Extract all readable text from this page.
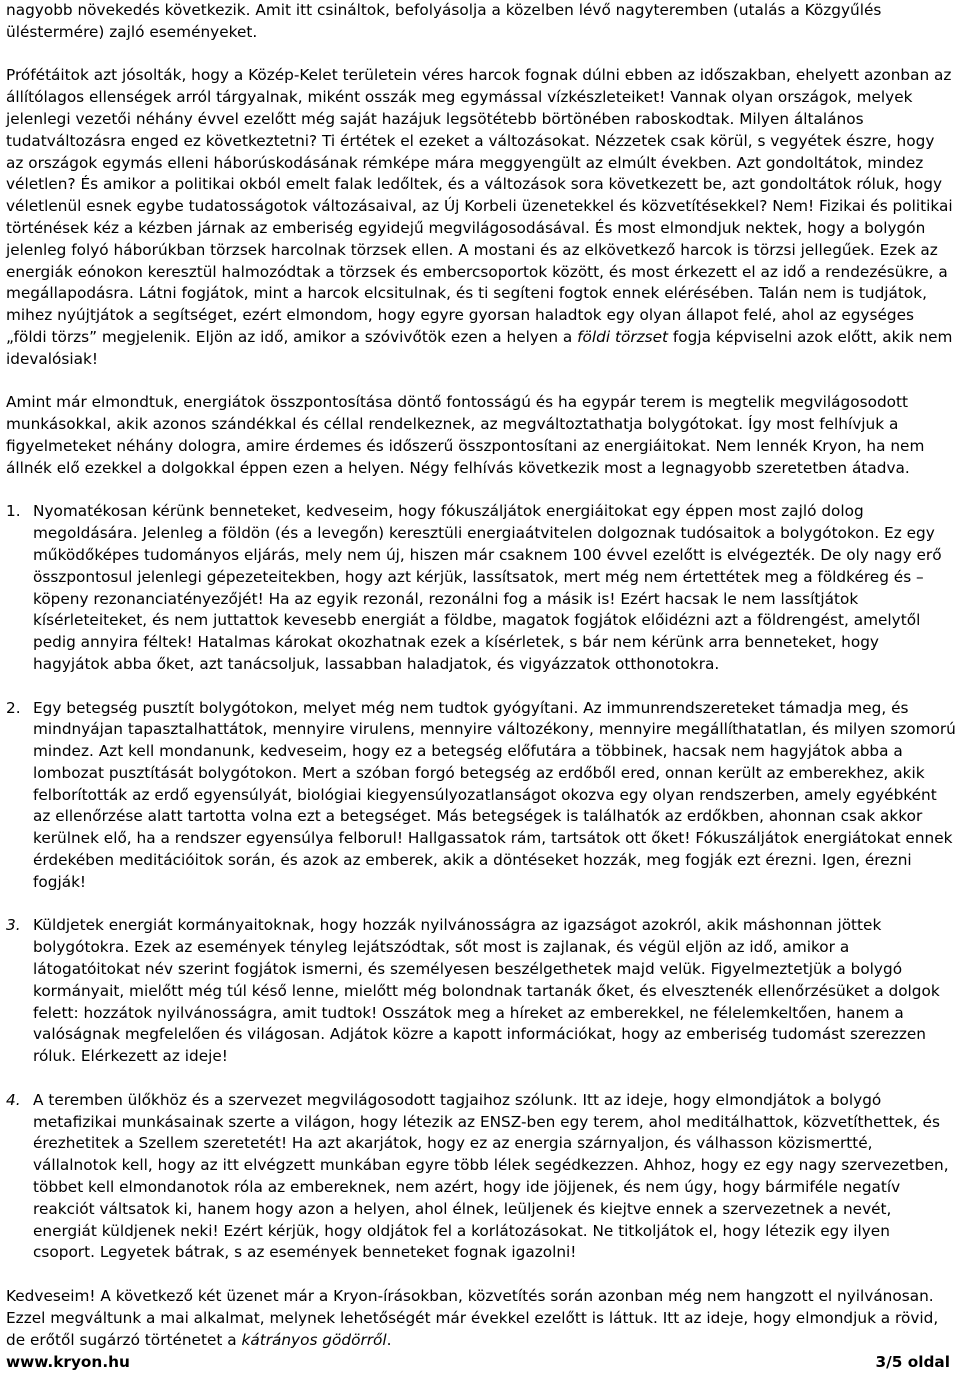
nagyobb növekedés következik. Amit itt csináltok, befolyásolja a közelben lévő nagyteremben (utalás a Közgyűlés üléstermére) zajló eseményeket.

Prófétáitok azt jósolták, hogy a Közép-Kelet területein véres harcok fognak dúlni ebben az időszakban, ehelyett azonban az állítólagos ellenségek arról tárgyalnak, miként osszák meg egymással vízkészleteiket! Vannak olyan országok, melyek jelenlegi vezetői néhány évvel ezelőtt még saját hazájuk legsötétebb börtönében raboskodtak. Milyen általános tudatváltozásra enged ez következtetni? Ti értétek el ezeket a változásokat. Nézzetek csak körül, s vegyétek észre, hogy az országok egymás elleni háborúskodásának rémképe mára meggyengült az elmúlt években. Azt gondoltátok, mindez véletlen? És amikor a politikai okból emelt falak ledőltek, és a változások sora következett be, azt gondoltátok róluk, hogy véletlenül esnek egybe tudatosságotok változásaival, az Új Korbeli üzenetekkel és közvetítésekkel? Nem! Fizikai és politikai történések kéz a kézben járnak az emberiség egyidejű megvilágosodásával. És most elmondjuk nektek, hogy a bolygón jelenleg folyó háborúkban törzsek harcolnak törzsek ellen. A mostani és az elkövetkező harcok is törzsi jellegűek. Ezek az energiák eónokon keresztül halmozódtak a törzsek és embercsoportok között, és most érkezett el az idő a rendezésükre, a megállapodásra. Látni fogjátok, mint a harcok elcsitulnak, és ti segíteni fogtok ennek elérésében. Talán nem is tudjátok, mihez nyújtjátok a segítséget, ezért elmondom, hogy egyre gyorsan haladtok egy olyan állapot felé, ahol az egységes „földi törzs” megjelenik. Eljön az idő, amikor a szóvivőtök ezen a helyen a földi törzset fogja képviselni azok előtt, akik nem idevalósiak!

Amint már elmondtuk, energiátok összpontosítása döntő fontosságú és ha egypár terem is megtelik megvilágosodott munkásokkal, akik azonos szándékkal és céllal rendelkeznek, az megváltoztathatja bolygótokat. Így most felhívjuk a figyelmeteket néhány dologra, amire érdemes és időszerű összpontosítani az energiáitokat. Nem lennék Kryon, ha nem állnék elő ezekkel a dolgokkal éppen ezen a helyen. Négy felhívás következik most a legnagyobb szeretetben átadva.

1. Nyomatékosan kérünk benneteket, kedveseim, hogy fókuszáljátok energiáitokat egy éppen most zajló dolog megoldására. Jelenleg a földön (és a levegőn) keresztüli energiaátvitelen dolgoznak tudósaitok a bolygótokon. Ez egy működőképes tudományos eljárás, mely nem új, hiszen már csaknem 100 évvel ezelőtt is elvégezték. De oly nagy erő összpontosul jelenlegi gépezeteitekben, hogy azt kérjük, lassítsatok, mert még nem értettétek meg a földkéreg és – köpeny rezonanciatényezőjét! Ha az egyik rezonál, rezonálni fog a másik is! Ezért hacsak le nem lassítjátok kísérleteiteket, és nem juttattok kevesebb energiát a földbe, magatok fogjátok előidézni azt a földrengést, amelytől pedig annyira féltek! Hatalmas károkat okozhatnak ezek a kísérletek, s bár nem kérünk arra benneteket, hogy hagyjátok abba őket, azt tanácsoljuk, lassabban haladjatok, és vigyázzatok otthonotokra.
2. Egy betegség pusztít bolygótokon, melyet még nem tudtok gyógyítani. Az immunrendszereteket támadja meg, és mindnyájan tapasztalhattátok, mennyire virulens, mennyire változékony, mennyire megállíthatatlan, és milyen szomorú mindez. Azt kell mondanunk, kedveseim, hogy ez a betegség előfutára a többinek, hacsak nem hagyjátok abba a lombozat pusztítását bolygótokon. Mert a szóban forgó betegség az erdőből ered, onnan került az emberekhez, akik felborították az erdő egyensúlyát, biológiai kiegyensúlyozatlanságot okozva egy olyan rendszerben, amely egyébként az ellenőrzése alatt tartotta volna ezt a betegséget. Más betegségek is találhatók az erdőkben, ahonnan csak akkor kerülnek elő, ha a rendszer egyensúlya felborul! Hallgassatok rám, tartsátok ott őket! Fókuszáljátok energiátokat ennek érdekében meditációitok során, és azok az emberek, akik a döntéseket hozzák, meg fogják ezt érezni. Igen, érezni fogják!
3. Küldjetek energiát kormányaitoknak, hogy hozzák nyilvánosságra az igazságot azokról, akik máshonnan jöttek bolygótokra. Ezek az események tényleg lejátszódtak, sőt most is zajlanak, és végül eljön az idő, amikor a látogatóitokat név szerint fogjátok ismerni, és személyesen beszélgethetek majd velük. Figyelmeztetjük a bolygó kormányait, mielőtt még túl késő lenne, mielőtt még bolondnak tartanák őket, és elvesztenék ellenőrzésüket a dolgok felett: hozzátok nyilvánosságra, amit tudtok! Osszátok meg a híreket az emberekkel, ne félelemkeltően, hanem a valóságnak megfelelően és világosan. Adjátok közre a kapott információkat, hogy az emberiség tudomást szerezzen róluk. Elérkezett az ideje!
4. A teremben ülőkhöz és a szervezet megvilágosodott tagjaihoz szólunk. Itt az ideje, hogy elmondjátok a bolygó metafizikai munkásainak szerte a világon, hogy létezik az ENSZ-ben egy terem, ahol meditálhattok, közvetíthettek, és érezhetitek a Szellem szeretetét! Ha azt akarjátok, hogy ez az energia szárnyaljon, és válhasson közismertté, vállalnotok kell, hogy az itt elvégzett munkában egyre több lélek segédkezzen. Ahhoz, hogy ez egy nagy szervezetben, többet kell elmondanotok róla az embereknek, nem azért, hogy ide jöjjenek, és nem úgy, hogy bármiféle negatív reakciót váltsatok ki, hanem hogy azon a helyen, ahol élnek, leüljenek és kiejtve ennek a szervezetnek a nevét, energiát küldjenek neki! Ezért kérjük, hogy oldjátok fel a korlátozásokat. Ne titkoljátok el, hogy létezik egy ilyen csoport. Legyetek bátrak, s az események benneteket fognak igazolni!

Kedveseim! A következő két üzenet már a Kryon-írásokban, közvetítés során azonban még nem hangzott el nyilvánosan. Ezzel megváltunk a mai alkalmat, melynek lehetőségét már évekkel ezelőtt is láttuk. Itt az ideje, hogy elmondjuk a rövid, de erőtől sugárzó történetet a kátrányos gödörről.

www.kryon.hu	3/5 oldal
